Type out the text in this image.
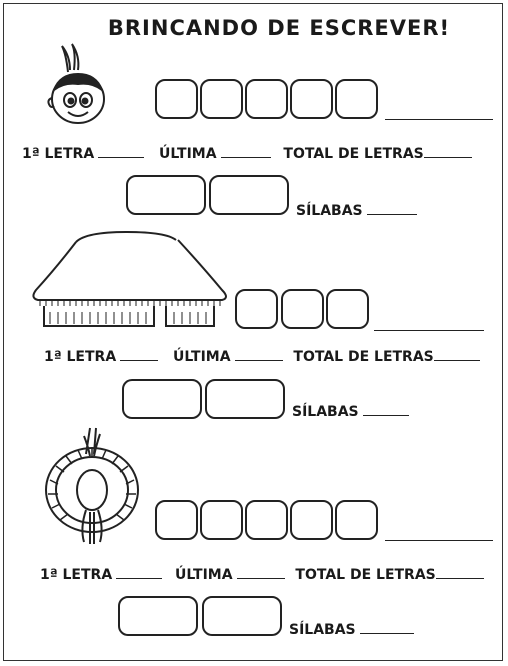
BRINCANDO DE ESCREVER!
1ª LETRA	ÚLTIMA	TOTAL DE LETRAS
SÍLABAS
1ª LETRA	ÚLTIMA	TOTAL DE LETRAS
SÍLABAS
1ª LETRA	ÚLTIMA	TOTAL DE LETRAS
SÍLABAS
